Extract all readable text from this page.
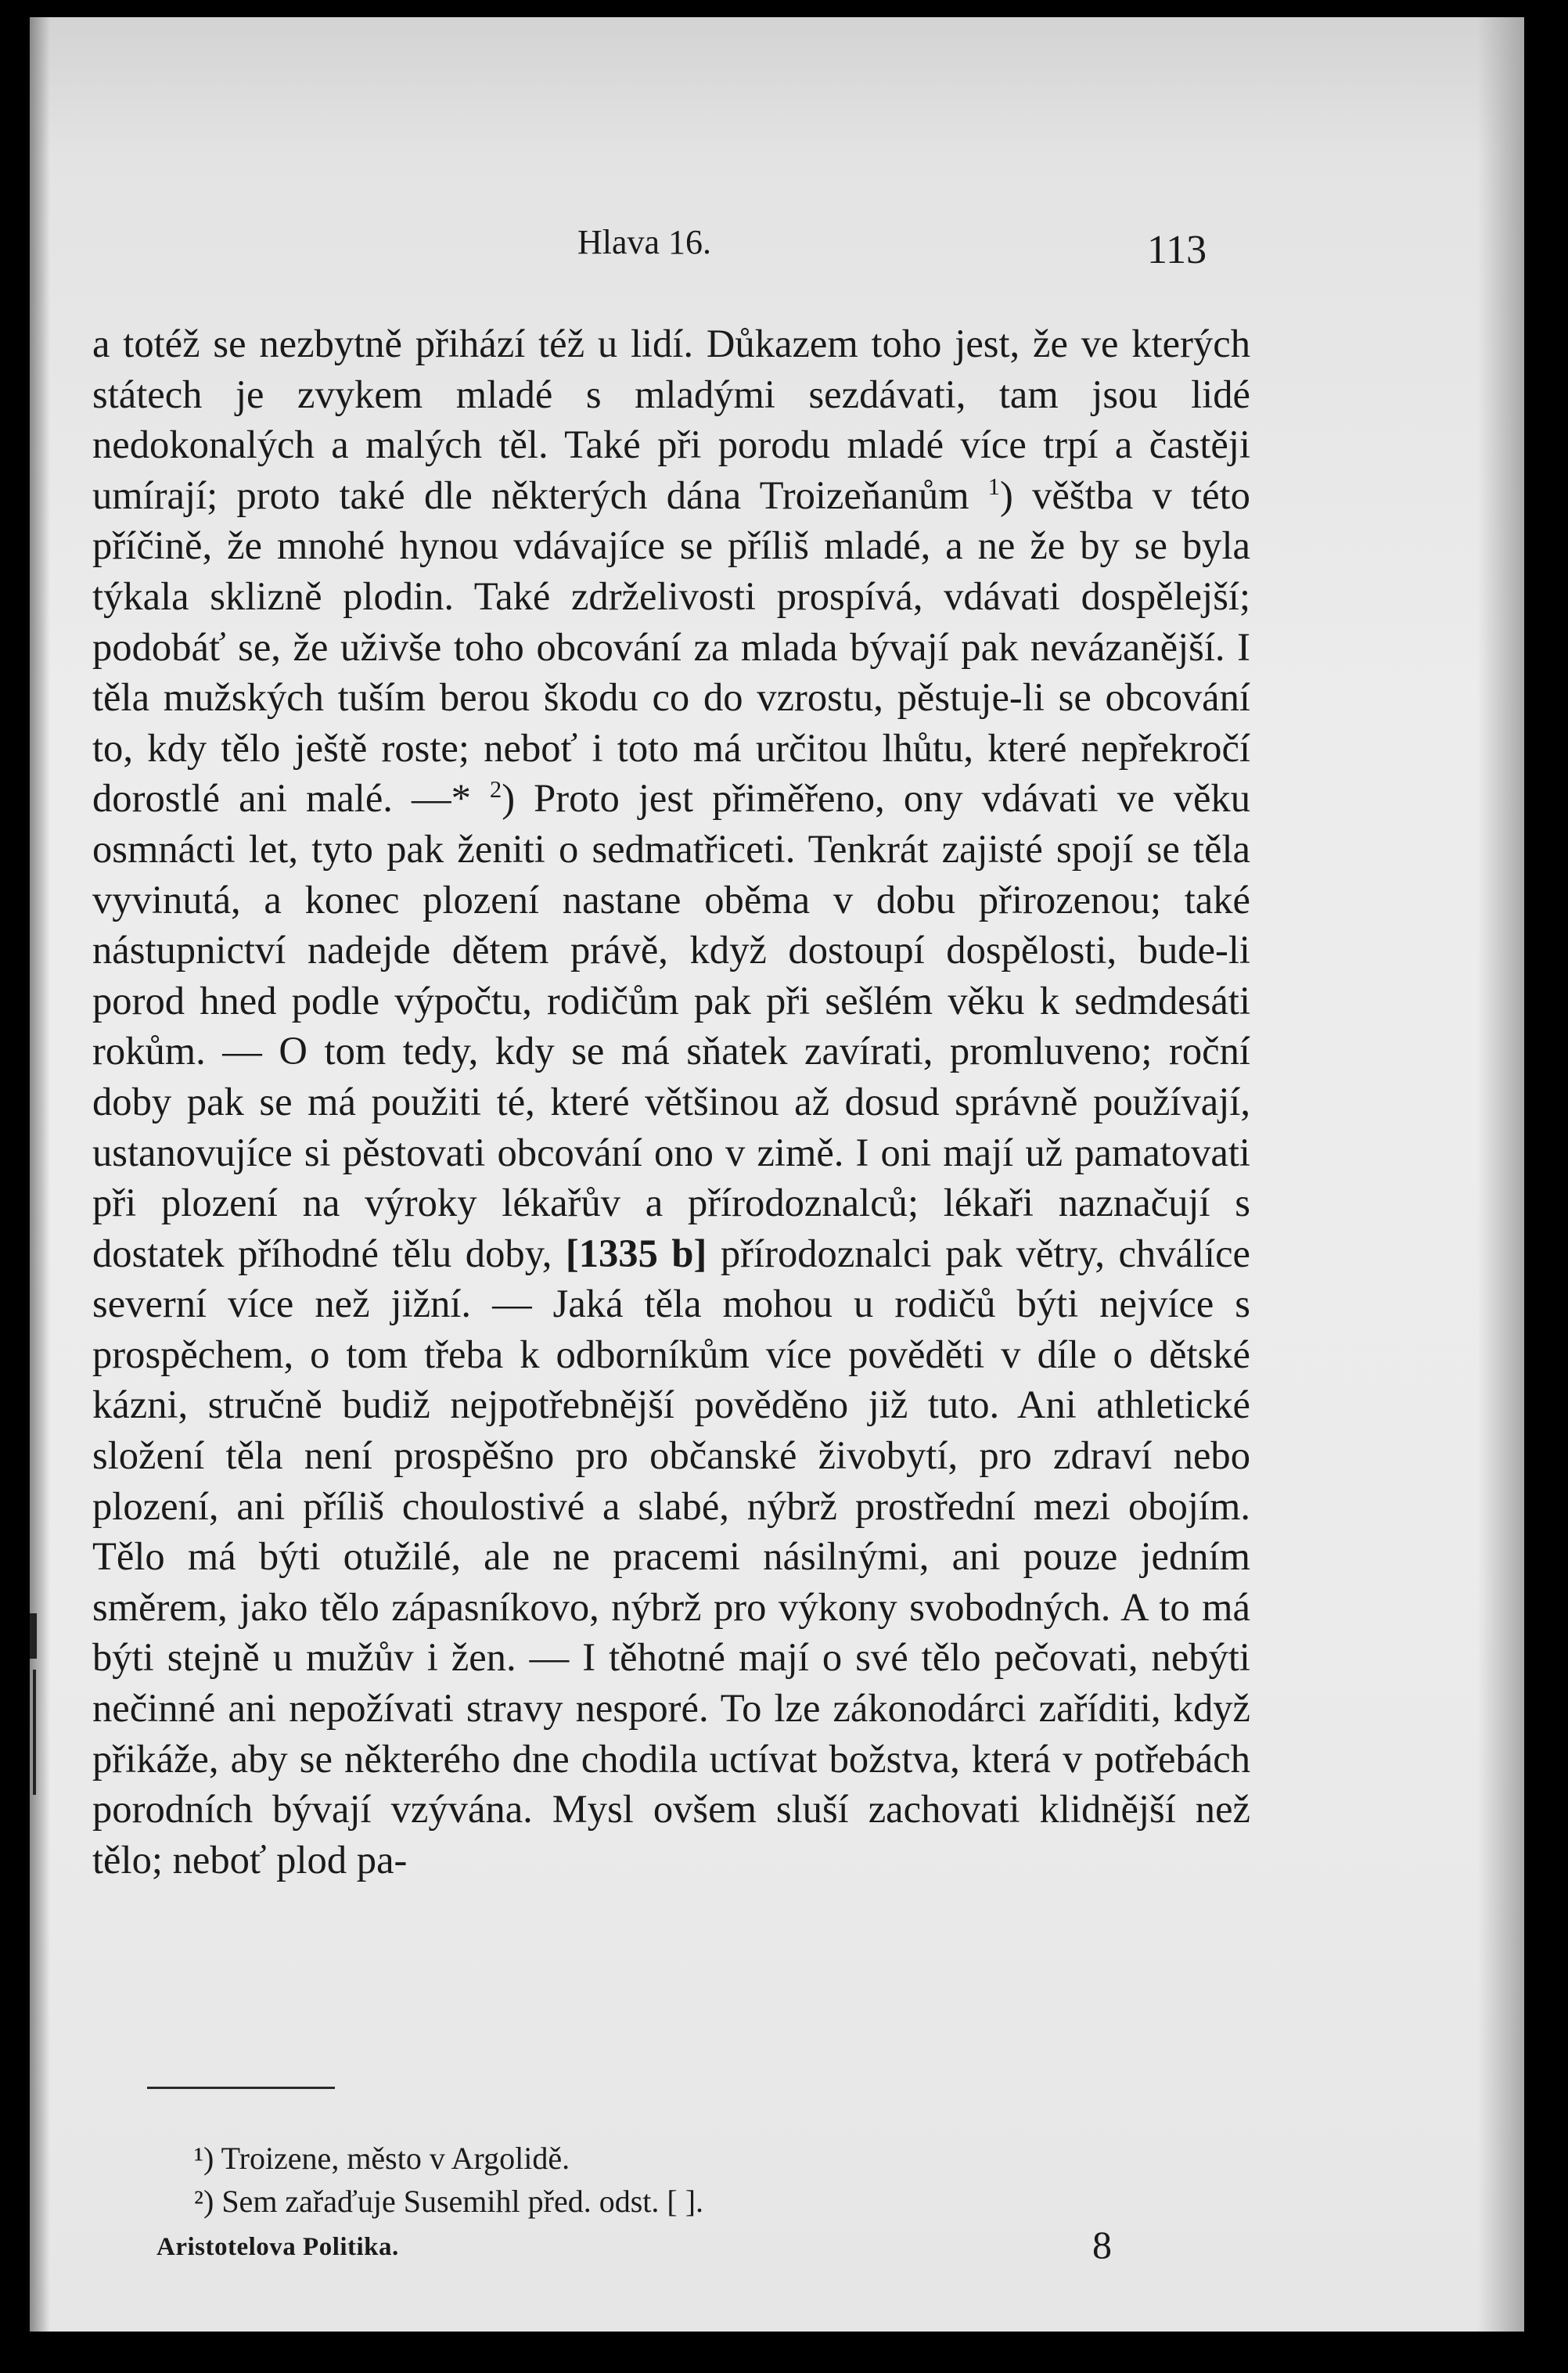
Hlava 16.	113

a totéž se nezbytně přihází též u lidí. Důkazem toho jest, že ve kterých státech je zvykem mladé s mladými sezdávati, tam jsou lidé nedokonalých a malých těl. Také při porodu mladé více trpí a častěji umírají; proto také dle některých dána Troizeňanům $^1$) věštba v této příčině, že mnohé hynou vdávajíce se příliš mladé, a ne že by se byla týkala sklizně plodin. Také zdrželivosti prospívá, vdávati dospělejší; podobáť se, že uživše toho obcování za mlada bývají pak nevázanější. I těla mužských tuším berou škodu co do vzrostu, pěstuje-li se obcování to, kdy tělo ještě roste; neboť i toto má určitou lhůtu, které nepřekročí dorostlé ani malé. —* $^2$) Proto jest přiměřeno, ony vdávati ve věku osmnácti let, tyto pak ženiti o sedmatřiceti. Tenkrát zajisté spojí se těla vyvinutá, a konec plození nastane oběma v dobu přirozenou; také nástupnictví nadejde dětem právě, když dostoupí dospělosti, bude-li porod hned podle výpočtu, rodičům pak při sešlém věku k sedmdesáti rokům. — O tom tedy, kdy se má sňatek zavírati, promluveno; roční doby pak se má použiti té, které většinou až dosud správně používají, ustanovujíce si pěstovati obcování ono v zimě. I oni mají už pamatovati při plození na výroky lékařův a přírodoznalců; lékaři naznačují s dostatek příhodné tělu doby, [1335 b] přírodoznalci pak větry, chválíce severní více než jižní. — Jaká těla mohou u rodičů býti nejvíce s prospěchem, o tom třeba k odborníkům více pověděti v díle o dětské kázni, stručně budiž nejpotřebnější pověděno již tuto. Ani athletické složení těla není prospěšno pro občanské živobytí, pro zdraví nebo plození, ani příliš choulostivé a slabé, nýbrž prostřední mezi obojím. Tělo má býti otužilé, ale ne pracemi násilnými, ani pouze jedním směrem, jako tělo zápasníkovo, nýbrž pro výkony svobodných. A to má býti stejně u mužův i žen. — I těhotné mají o své tělo pečovati, nebýti nečinné ani nepožívati stravy nesporé. To lze zákonodárci zaříditi, když přikáže, aby se některého dne chodila uctívat božstva, která v potřebách porodních bývají vzývána. Mysl ovšem sluší zachovati klidnější než tělo; neboť plod pa-

¹) Troizene, město v Argolidě.
²) Sem zařaďuje Susemihl před. odst. [ ].
Aristotelova Politika.	8
